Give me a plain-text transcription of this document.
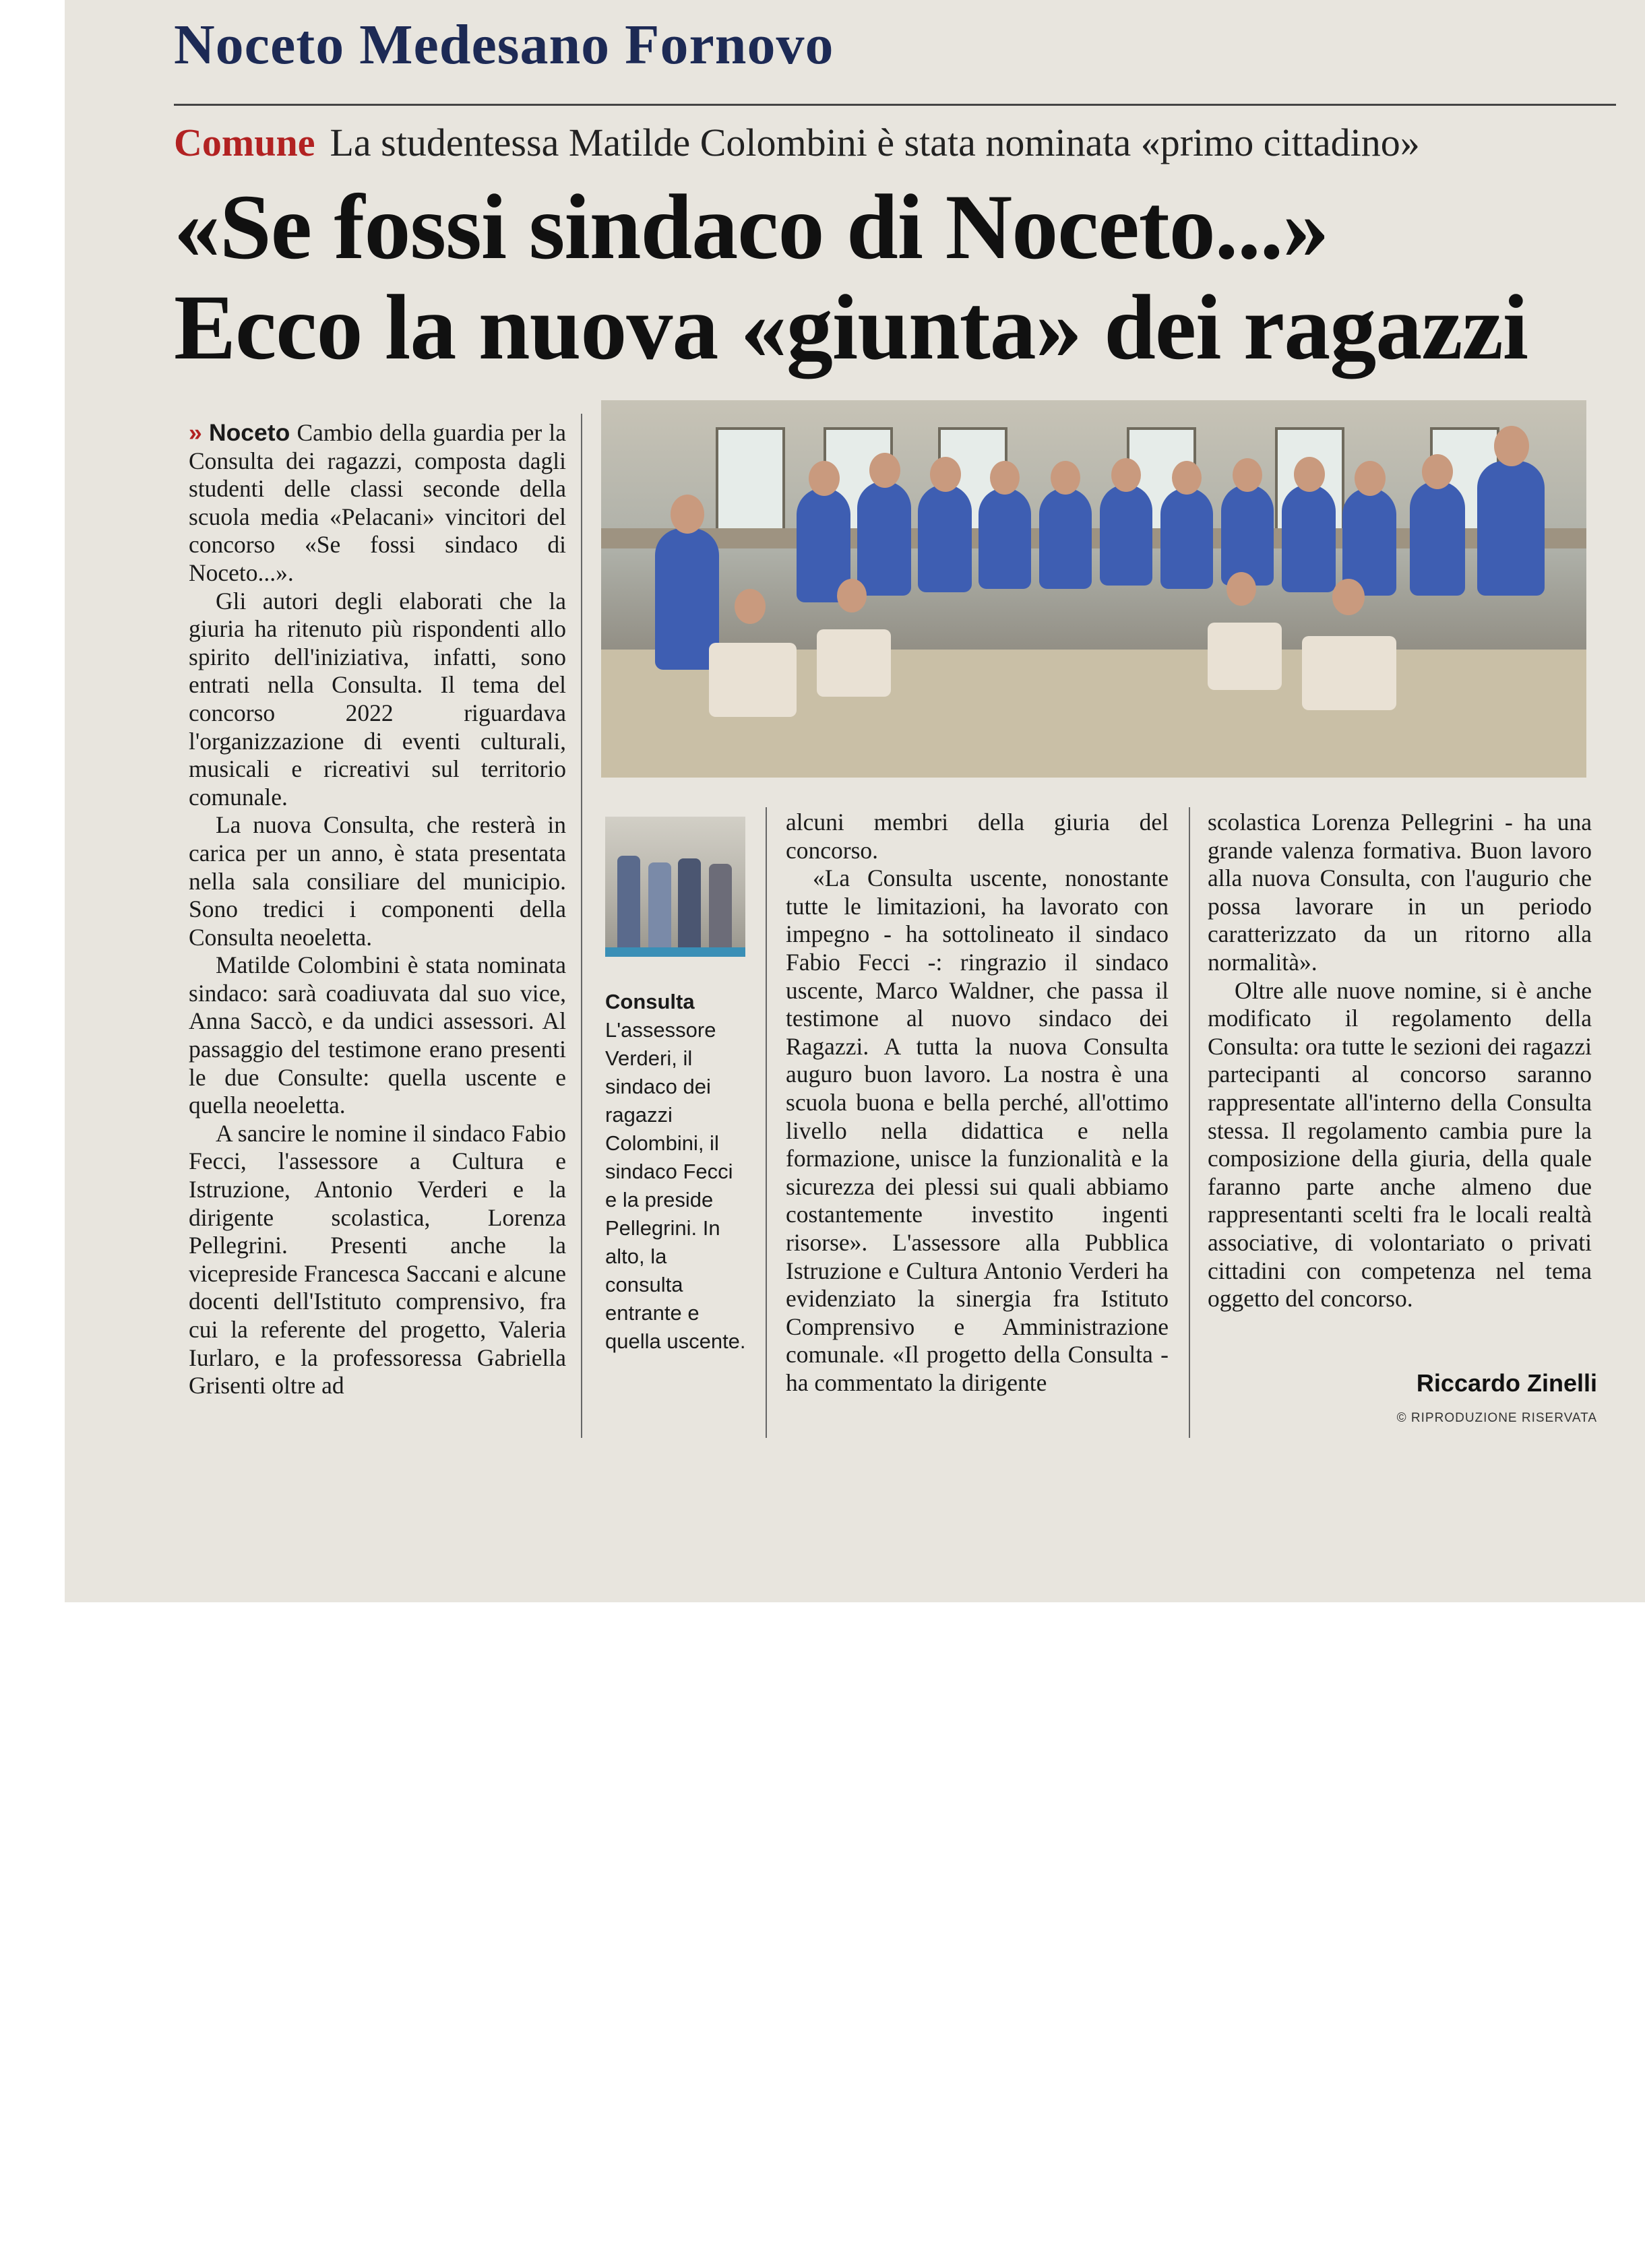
Noceto Medesano Fornovo
Comune La studentessa Matilde Colombini è stata nominata «primo cittadino»
«Se fossi sindaco di Noceto...»
Ecco la nuova «giunta» dei ragazzi

» Noceto Cambio della guardia per la Consulta dei ragazzi, composta dagli studenti delle classi seconde della scuola media «Pelacani» vincitori del concorso «Se fossi sindaco di Noceto...».

Gli autori degli elaborati che la giuria ha ritenuto più rispondenti allo spirito dell'iniziativa, infatti, sono entrati nella Consulta. Il tema del concorso 2022 riguardava l'organizzazione di eventi culturali, musicali e ricreativi sul territorio comunale.

La nuova Consulta, che resterà in carica per un anno, è stata presentata nella sala consiliare del municipio. Sono tredici i componenti della Consulta neoeletta.

Matilde Colombini è stata nominata sindaco: sarà coadiuvata dal suo vice, Anna Saccò, e da undici assessori. Al passaggio del testimone erano presenti le due Consulte: quella uscente e quella neoeletta.

A sancire le nomine il sindaco Fabio Fecci, l'assessore a Cultura e Istruzione, Antonio Verderi e la dirigente scolastica, Lorenza Pellegrini. Presenti anche la vicepreside Francesca Saccani e alcune docenti dell'Istituto comprensivo, fra cui la referente del progetto, Valeria Iurlaro, e la professoressa Gabriella Grisenti oltre ad

Consulta
L'assessore Verderi, il sindaco dei ragazzi Colombini, il sindaco Fecci e la preside Pellegrini. In alto, la consulta entrante e quella uscente.

alcuni membri della giuria del concorso.

«La Consulta uscente, nonostante tutte le limitazioni, ha lavorato con impegno - ha sottolineato il sindaco Fabio Fecci -: ringrazio il sindaco uscente, Marco Waldner, che passa il testimone al nuovo sindaco dei Ragazzi. A tutta la nuova Consulta auguro buon lavoro. La nostra è una scuola buona e bella perché, all'ottimo livello nella didattica e nella formazione, unisce la funzionalità e la sicurezza dei plessi sui quali abbiamo costantemente investito ingenti risorse». L'assessore alla Pubblica Istruzione e Cultura Antonio Verderi ha evidenziato la sinergia fra Istituto Comprensivo e Amministrazione comunale. «Il progetto della Consulta - ha commentato la dirigente

scolastica Lorenza Pellegrini - ha una grande valenza formativa. Buon lavoro alla nuova Consulta, con l'augurio che possa lavorare in un periodo caratterizzato da un ritorno alla normalità».

Oltre alle nuove nomine, si è anche modificato il regolamento della Consulta: ora tutte le sezioni dei ragazzi partecipanti al concorso saranno rappresentate all'interno della Consulta stessa. Il regolamento cambia pure la composizione della giuria, della quale faranno parte anche almeno due rappresentanti scelti fra le locali realtà associative, di volontariato o privati cittadini con competenza nel tema oggetto del concorso.

Riccardo Zinelli
© RIPRODUZIONE RISERVATA
